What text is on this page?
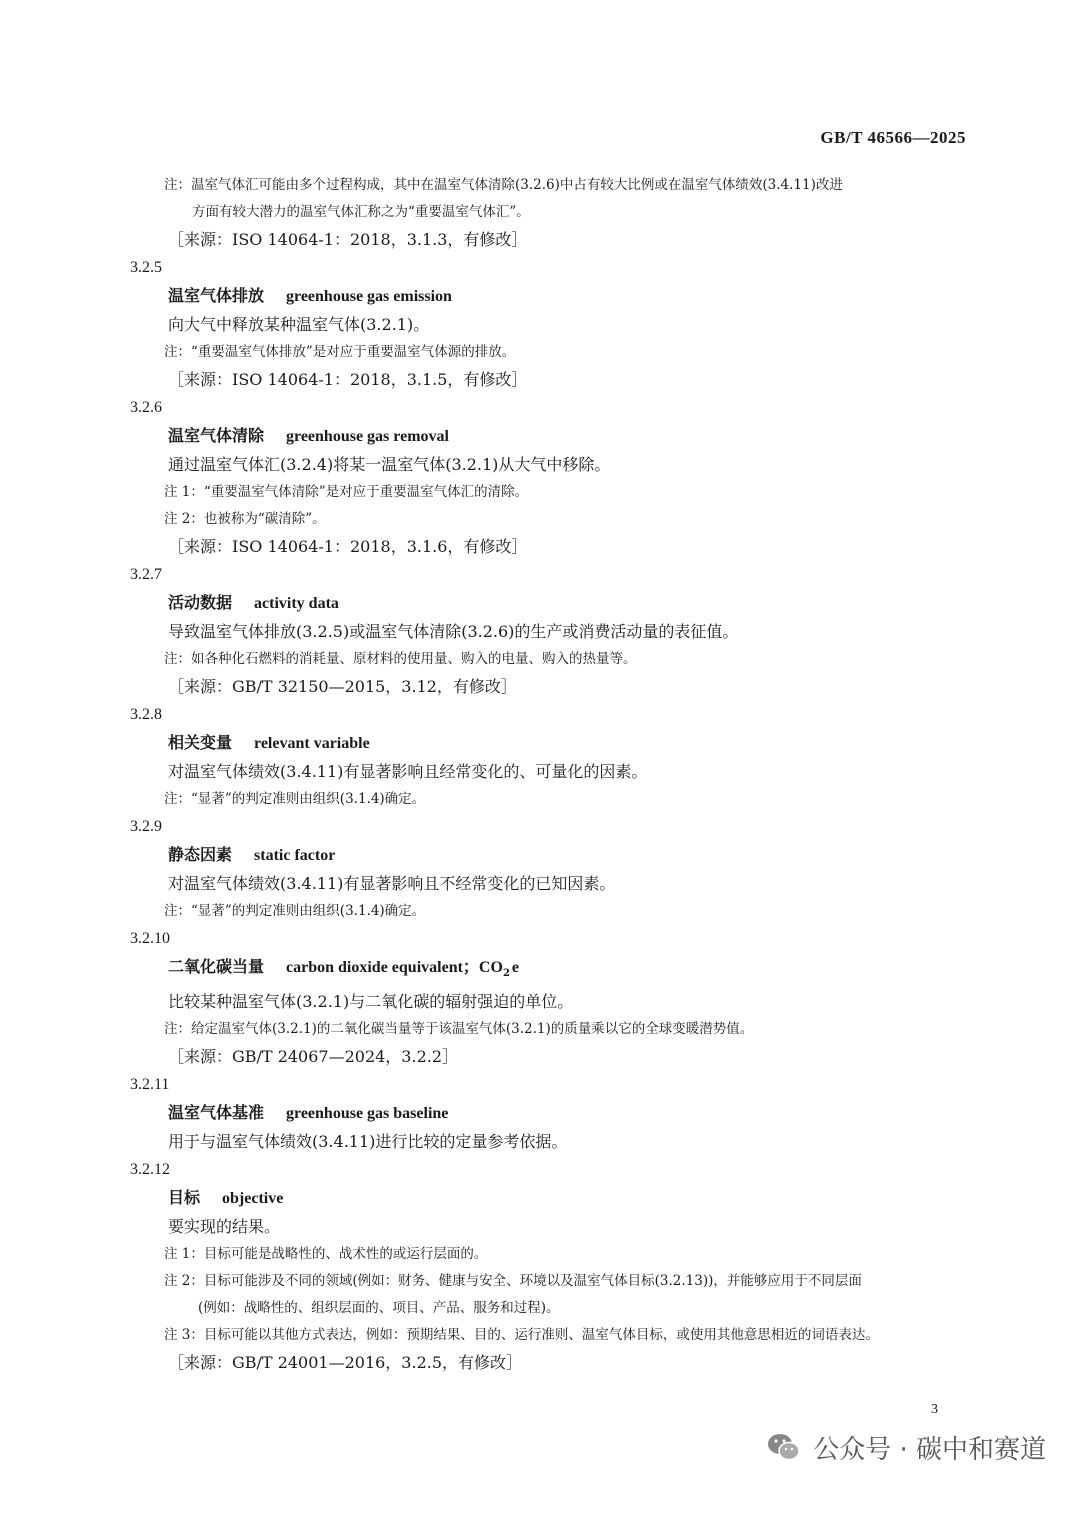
GB/T 46566—2025
注：温室气体汇可能由多个过程构成，其中在温室气体清除(3.2.6)中占有较大比例或在温室气体绩效(3.4.11)改进
方面有较大潜力的温室气体汇称之为“重要温室气体汇”。
［来源：ISO 14064-1：2018，3.1.3，有修改］
3.2.5
温室气体排放 greenhouse gas emission
向大气中释放某种温室气体(3.2.1)。
注：“重要温室气体排放”是对应于重要温室气体源的排放。
［来源：ISO 14064-1：2018，3.1.5，有修改］
3.2.6
温室气体清除 greenhouse gas removal
通过温室气体汇(3.2.4)将某一温室气体(3.2.1)从大气中移除。
注 1：“重要温室气体清除”是对应于重要温室气体汇的清除。
注 2：也被称为“碳清除”。
［来源：ISO 14064-1：2018，3.1.6，有修改］
3.2.7
活动数据 activity data
导致温室气体排放(3.2.5)或温室气体清除(3.2.6)的生产或消费活动量的表征值。
注：如各种化石燃料的消耗量、原材料的使用量、购入的电量、购入的热量等。
［来源：GB/T 32150—2015，3.12，有修改］
3.2.8
相关变量 relevant variable
对温室气体绩效(3.4.11)有显著影响且经常变化的、可量化的因素。
注：“显著”的判定准则由组织(3.1.4)确定。
3.2.9
静态因素 static factor
对温室气体绩效(3.4.11)有显著影响且不经常变化的已知因素。
注：“显著”的判定准则由组织(3.1.4)确定。
3.2.10
二氧化碳当量 carbon dioxide equivalent；$CO_2$ e
比较某种温室气体(3.2.1)与二氧化碳的辐射强迫的单位。
注：给定温室气体(3.2.1)的二氧化碳当量等于该温室气体(3.2.1)的质量乘以它的全球变暖潜势值。
［来源：GB/T 24067—2024，3.2.2］
3.2.11
温室气体基准 greenhouse gas baseline
用于与温室气体绩效(3.4.11)进行比较的定量参考依据。
3.2.12
目标 objective
要实现的结果。
注 1：目标可能是战略性的、战术性的或运行层面的。
注 2：目标可能涉及不同的领域(例如：财务、健康与安全、环境以及温室气体目标(3.2.13))，并能够应用于不同层面
(例如：战略性的、组织层面的、项目、产品、服务和过程)。
注 3：目标可能以其他方式表达，例如：预期结果、目的、运行准则、温室气体目标，或使用其他意思相近的词语表达。
［来源：GB/T 24001—2016，3.2.5，有修改］
3
公众号 · 碳中和赛道
